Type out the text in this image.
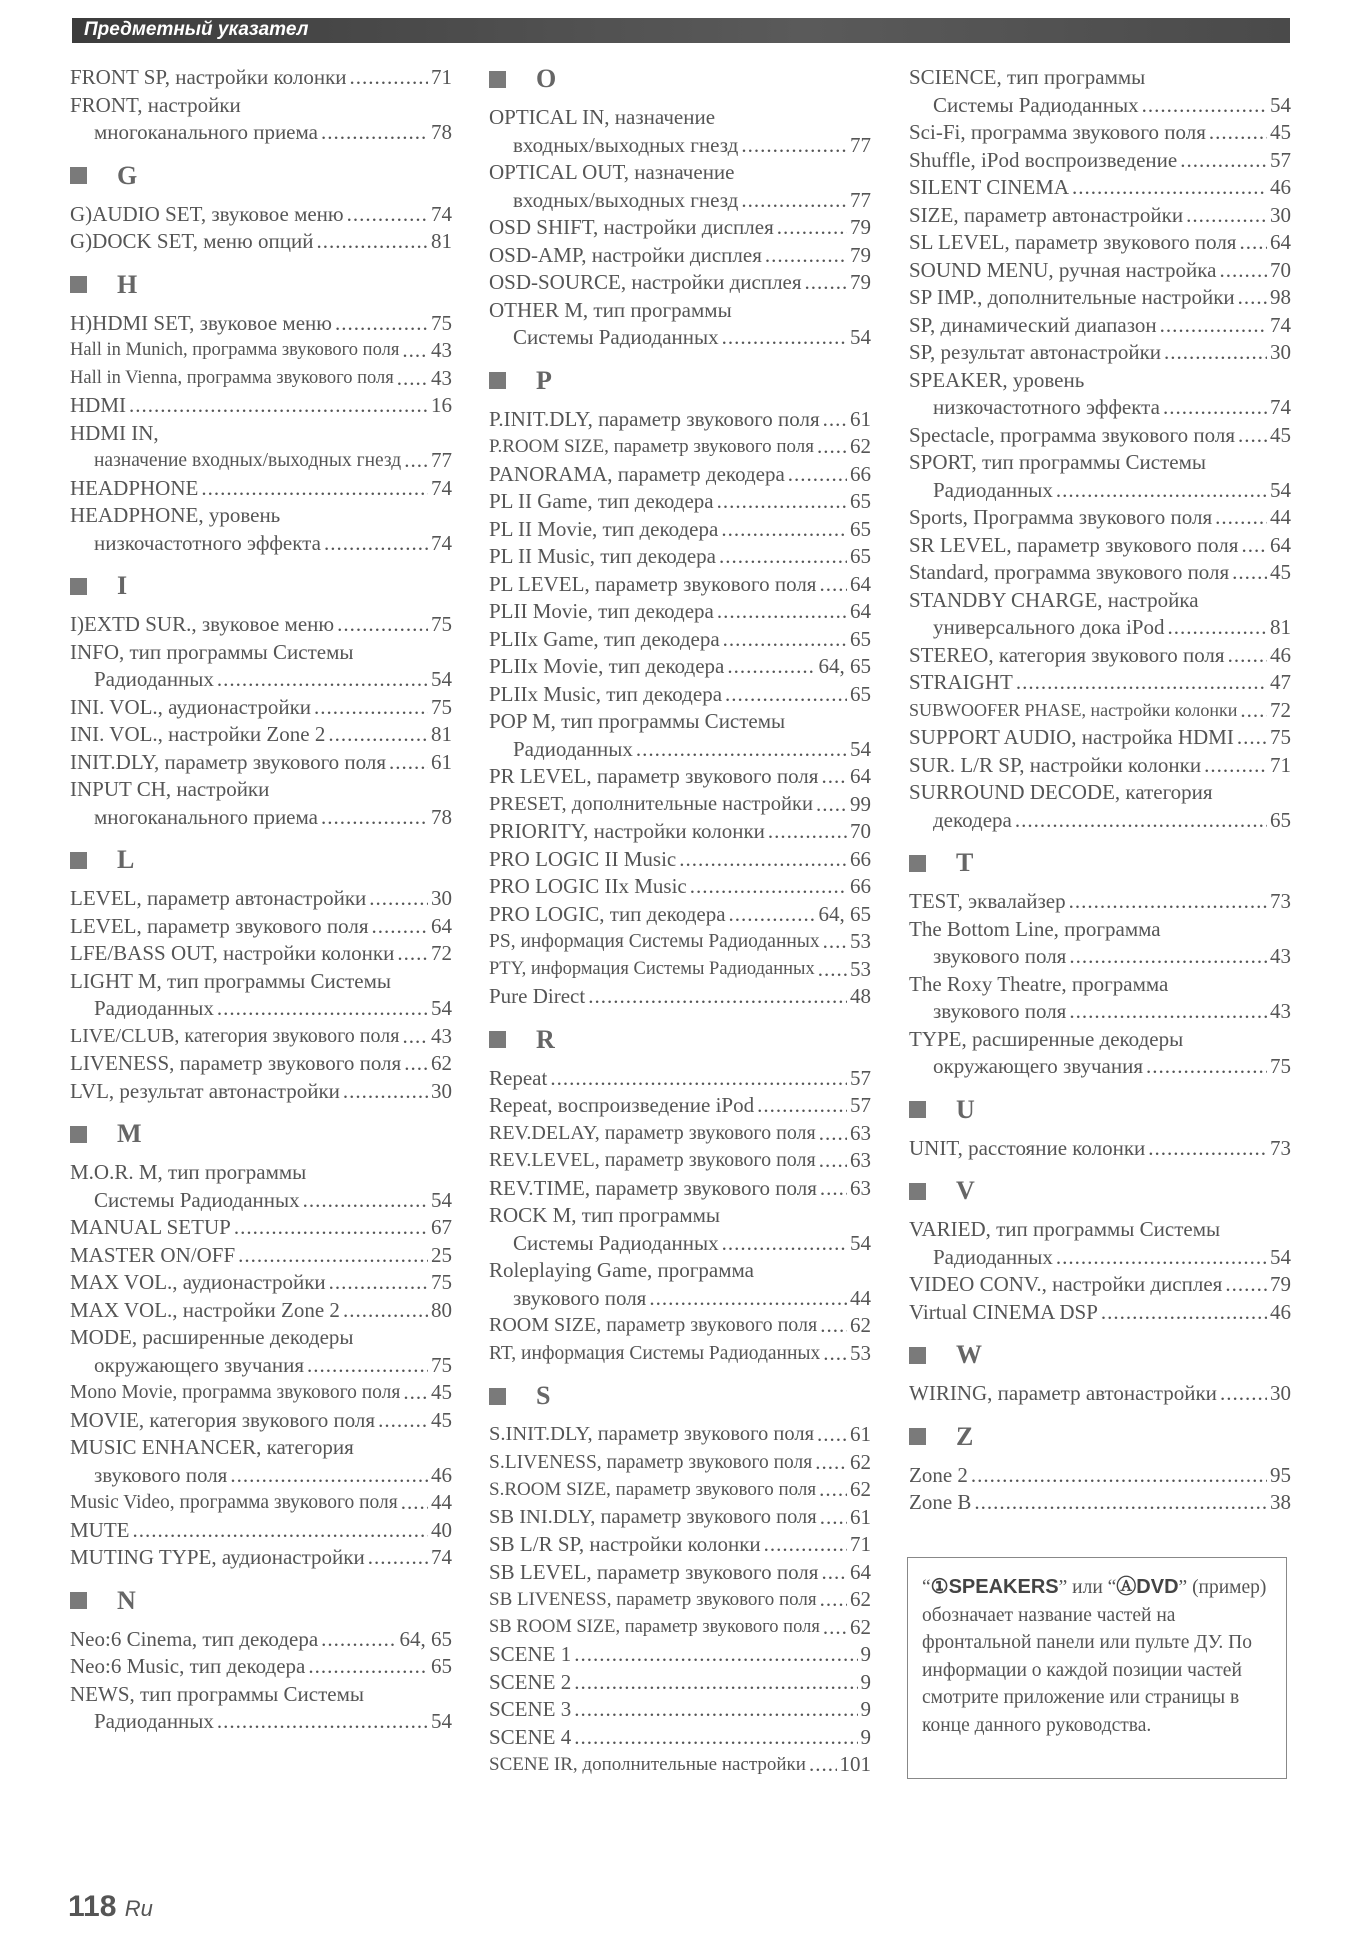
Предметный указател
FRONT SP, настройки колонки .....	71
FRONT, настройки
многоканального приема .....	78
G
G)AUDIO SET, звуковое меню .....	74
G)DOCK SET, меню опций .....	81
H
H)HDMI SET, звуковое меню .....	75
Hall in Munich, программа звукового поля ..... 43
Hall in Vienna, программа звукового поля ..... 43
HDMI .....	16
HDMI IN,
назначение входных/выходных гнезд ..... 77
HEADPHONE .....	74
HEADPHONE, уровень
низкочастотного эффекта .....	74
I
I)EXTD SUR., звуковое меню .....	75
INFO, тип программы Системы
Радиоданных .....	54
INI. VOL., аудионастройки .....	75
INI. VOL., настройки Zone 2 .....	81
INIT.DLY, параметр звукового поля ..... 61
INPUT CH, настройки
многоканального приема .....	78
L
LEVEL, параметр автонастройки .....	30
LEVEL, параметр звукового поля .....	64
LFE/BASS OUT, настройки колонки ..... 72
LIGHT M, тип программы Системы
Радиоданных .....	54
LIVE/CLUB, категория звукового поля ..... 43
LIVENESS, параметр звукового поля ..... 62
LVL, результат автонастройки .....	30
M
M.O.R. M, тип программы
Системы Радиоданных .....	54
MANUAL SETUP .....	67
MASTER ON/OFF .....	25
MAX VOL., аудионастройки .....	75
MAX VOL., настройки Zone 2 .....	80
MODE, расширенные декодеры
окружающего звучания .....	75
Mono Movie, программа звукового поля ..... 45
MOVIE, категория звукового поля .....	45
MUSIC ENHANCER, категория
звукового поля .....	46
Music Video, программа звукового поля ..... 44
MUTE .....	40
MUTING TYPE, аудионастройки .....	74
N
Neo:6 Cinema, тип декодера .....	64, 65
Neo:6 Music, тип декодера .....	65
NEWS, тип программы Системы
Радиоданных .....	54
O
OPTICAL IN, назначение
входных/выходных гнезд .....	77
OPTICAL OUT, назначение
входных/выходных гнезд .....	77
OSD SHIFT, настройки дисплея .....	79
OSD-AMP, настройки дисплея .....	79
OSD-SOURCE, настройки дисплея ..... 79
OTHER M, тип программы
Системы Радиоданных .....	54
P
P.INIT.DLY, параметр звукового поля ..... 61
P.ROOM SIZE, параметр звукового поля ..... 62
PANORAMA, параметр декодера .....	66
PL II Game, тип декодера .....	65
PL II Movie, тип декодера .....	65
PL II Music, тип декодера .....	65
PL LEVEL, параметр звукового поля ..... 64
PLII Movie, тип декодера .....	64
PLIIx Game, тип декодера .....	65
PLIIx Movie, тип декодера .....	64, 65
PLIIx Music, тип декодера .....	65
POP M, тип программы Системы
Радиоданных .....	54
PR LEVEL, параметр звукового поля ..... 64
PRESET, дополнительные настройки ..... 99
PRIORITY, настройки колонки .....	70
PRO LOGIC II Music .....	66
PRO LOGIC IIx Music .....	66
PRO LOGIC, тип декодера .....	64, 65
PS, информация Системы Радиоданных ..... 53
PTY, информация Системы Радиоданных ..... 53
Pure Direct .....	48
R
Repeat .....	57
Repeat, воспроизведение iPod .....	57
REV.DELAY, параметр звукового поля ..... 63
REV.LEVEL, параметр звукового поля ..... 63
REV.TIME, параметр звукового поля ..... 63
ROCK M, тип программы
Системы Радиоданных .....	54
Roleplaying Game, программа
звукового поля .....	44
ROOM SIZE, параметр звукового поля ..... 62
RT, информация Системы Радиоданных ..... 53
S
S.INIT.DLY, параметр звукового поля ..... 61
S.LIVENESS, параметр звукового поля ..... 62
S.ROOM SIZE, параметр звукового поля ..... 62
SB INI.DLY, параметр звукового поля ..... 61
SB L/R SP, настройки колонки .....	71
SB LEVEL, параметр звукового поля ..... 64
SB LIVENESS, параметр звукового поля ..... 62
SB ROOM SIZE, параметр звукового поля ..... 62
SCENE 1 .....	9
SCENE 2 .....	9
SCENE 3 .....	9
SCENE 4 .....	9
SCENE IR, дополнительные настройки ..... 101
SCIENCE, тип программы
Системы Радиоданных .....	54
Sci-Fi, программа звукового поля .....	45
Shuffle, iPod воспроизведение .....	57
SILENT CINEMA .....	46
SIZE, параметр автонастройки .....	30
SL LEVEL, параметр звукового поля ..... 64
SOUND MENU, ручная настройка .....	70
SP IMP., дополнительные настройки ..... 98
SP, динамический диапазон .....	74
SP, результат автонастройки .....	30
SPEAKER, уровень
низкочастотного эффекта .....	74
Spectacle, программа звукового поля ..... 45
SPORT, тип программы Системы
Радиоданных .....	54
Sports, Программа звукового поля .....	44
SR LEVEL, параметр звукового поля ..... 64
Standard, программа звукового поля ..... 45
STANDBY CHARGE, настройка
универсального дока iPod .....	81
STEREO, категория звукового поля ..... 46
STRAIGHT .....	47
SUBWOOFER PHASE, настройки колонки ..... 72
SUPPORT AUDIO, настройка HDMI ..... 75
SUR. L/R SP, настройки колонки .....	71
SURROUND DECODE, категория
декодера .....	65
T
TEST, эквалайзер .....	73
The Bottom Line, программа
звукового поля .....	43
The Roxy Theatre, программа
звукового поля .....	43
TYPE, расширенные декодеры
окружающего звучания .....	75
U
UNIT, расстояние колонки .....	73
V
VARIED, тип программы Системы
Радиоданных .....	54
VIDEO CONV., настройки дисплея ..... 79
Virtual CINEMA DSP .....	46
W
WIRING, параметр автонастройки .....	30
Z
Zone 2 .....	95
Zone B .....	38
“①SPEAKERS” или “ⒶDVD” (пример) обозначает название частей на фронтальной панели или пульте ДУ. По информации о каждой позиции частей смотрите приложение или страницы в конце данного руководства.
118 Ru
